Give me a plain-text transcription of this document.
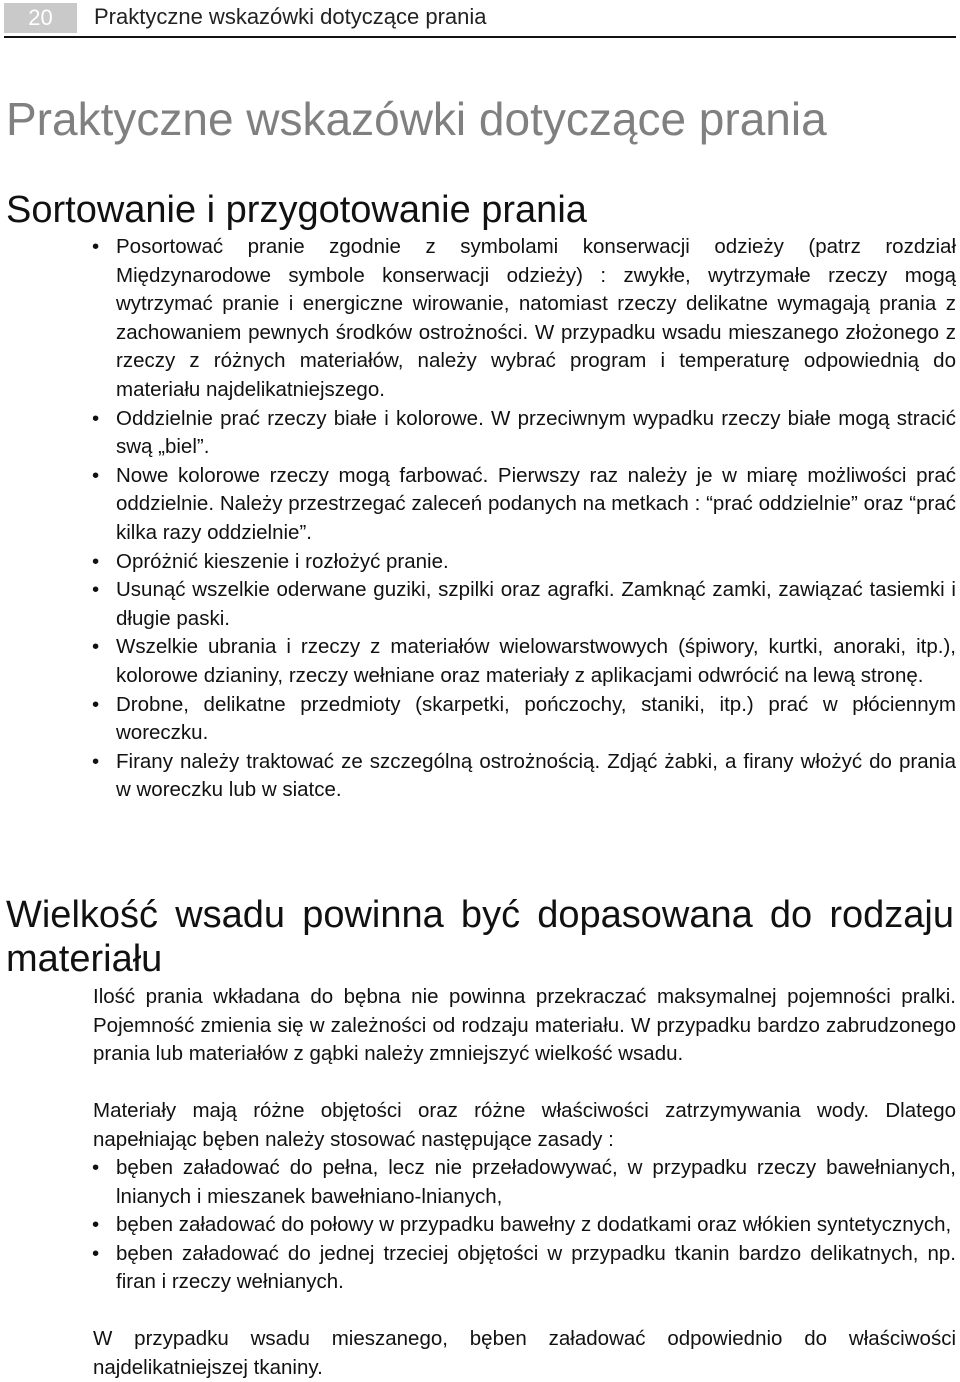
20	Praktyczne wskazówki dotyczące prania
Praktyczne wskazówki dotyczące prania
Sortowanie i przygotowanie prania
• Posortować pranie zgodnie z symbolami konserwacji odzieży (patrz rozdział Międzynarodowe symbole konserwacji odzieży) : zwykłe, wytrzymałe rzeczy mogą wytrzymać pranie i energiczne wirowanie, natomiast rzeczy delikatne wymagają prania z zachowaniem pewnych środków ostrożności. W przypadku wsadu mieszanego złożonego z rzeczy z różnych materiałów, należy wybrać program i temperaturę odpowiednią do materiału najdelikatniejszego.
• Oddzielnie prać rzeczy białe i kolorowe. W przeciwnym wypadku rzeczy białe mogą stracić swą „biel”.
• Nowe kolorowe rzeczy mogą farbować. Pierwszy raz należy je w miarę możliwości prać oddzielnie. Należy przestrzegać zaleceń podanych na metkach : “prać oddzielnie” oraz “prać kilka razy oddzielnie”.
• Opróżnić kieszenie i rozłożyć pranie.
• Usunąć wszelkie oderwane guziki, szpilki oraz agrafki. Zamknąć zamki, zawiązać tasiemki i długie paski.
• Wszelkie ubrania i rzeczy z materiałów wielowarstwowych (śpiwory, kurtki, anoraki, itp.), kolorowe dzianiny, rzeczy wełniane oraz materiały z aplikacjami odwrócić na lewą stronę.
• Drobne, delikatne przedmioty (skarpetki, pończochy, staniki, itp.) prać w płóciennym woreczku.
• Firany należy traktować ze szczególną ostrożnością. Zdjąć żabki, a firany włożyć do prania w woreczku lub w siatce.
Wielkość wsadu powinna być dopasowana do rodzaju materiału

Ilość prania wkładana do bębna nie powinna przekraczać maksymalnej pojemności pralki. Pojemność zmienia się w zależności od rodzaju materiału. W przypadku bardzo zabrudzonego prania lub materiałów z gąbki należy zmniejszyć wielkość wsadu.

Materiały mają różne objętości oraz różne właściwości zatrzymywania wody. Dlatego napełniając bęben należy stosować następujące zasady :

• bęben załadować do pełna, lecz nie przeładowywać, w przypadku rzeczy bawełnianych, lnianych i mieszanek bawełniano-lnianych,
• bęben załadować do połowy w przypadku bawełny z dodatkami oraz włókien syntetycznych,
• bęben załadować do jednej trzeciej objętości w przypadku tkanin bardzo delikatnych, np. firan i rzeczy wełnianych.

W przypadku wsadu mieszanego, bęben załadować odpowiednio do właściwości najdelikatniejszej tkaniny.
